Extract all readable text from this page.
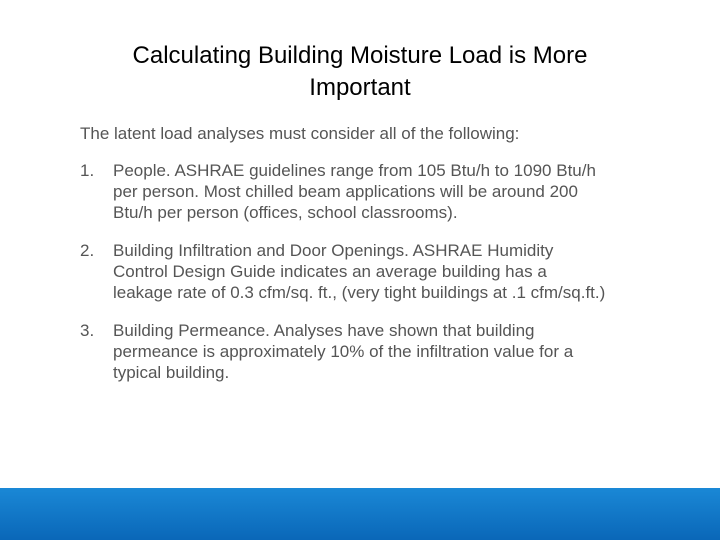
Calculating Building Moisture Load is More
Important

The latent load analyses must consider all of the following:

1.	People. ASHRAE guidelines range from 105 Btu/h to 1090 Btu/h
per person. Most chilled beam applications will be around 200
Btu/h per person (offices, school classrooms).
2.	Building Infiltration and Door Openings. ASHRAE Humidity
Control Design Guide indicates an average building has a
leakage rate of 0.3 cfm/sq. ft., (very tight buildings at .1 cfm/sq.ft.)
3.	Building Permeance. Analyses have shown that building
permeance is approximately 10% of the infiltration value for a
typical building.
